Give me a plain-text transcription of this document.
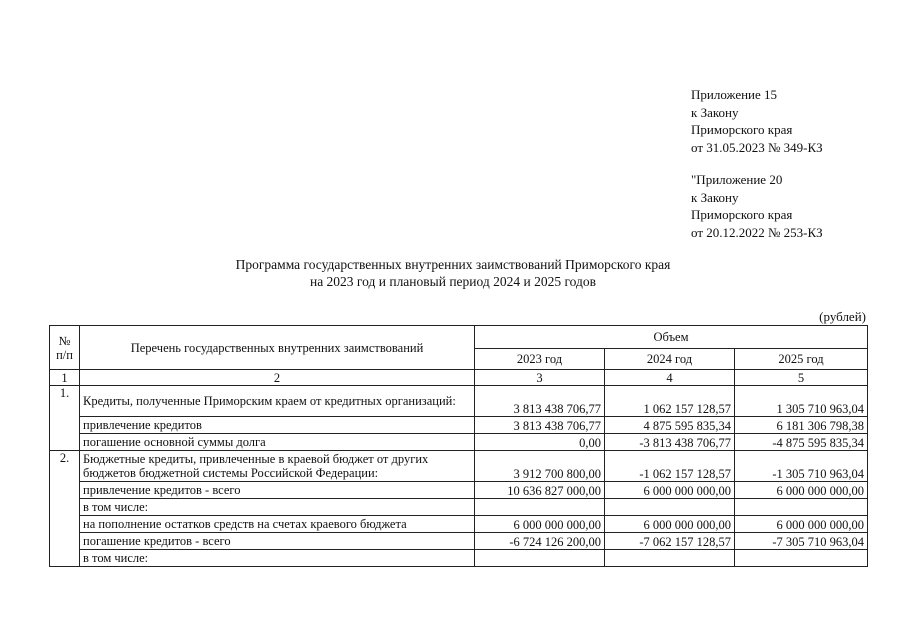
Приложение 15
к Закону
Приморского края
от 31.05.2023 № 349-КЗ
"Приложение 20
к Закону
Приморского края
от 20.12.2022 № 253-КЗ
Программа государственных внутренних заимствований Приморского края
на 2023 год и плановый период 2024 и 2025 годов
(рублей)
№ п/п	Перечень государственных внутренних заимствований	Объем		
		2023 год	2024 год	2025 год
1	2	3	4	5
1.	Кредиты, полученные Приморским краем от кредитных организаций:	3 813 438 706,77	1 062 157 128,57	1 305 710 963,04
	привлечение кредитов	3 813 438 706,77	4 875 595 835,34	6 181 306 798,38
	погашение основной суммы долга	0,00	-3 813 438 706,77	-4 875 595 835,34
2.	Бюджетные кредиты, привлеченные в краевой бюджет от других бюджетов бюджетной системы Российской Федерации:	3 912 700 800,00	-1 062 157 128,57	-1 305 710 963,04
	привлечение кредитов - всего	10 636 827 000,00	6 000 000 000,00	6 000 000 000,00
	в том числе:			
	на пополнение остатков средств на счетах краевого бюджета	6 000 000 000,00	6 000 000 000,00	6 000 000 000,00
	погашение кредитов - всего	-6 724 126 200,00	-7 062 157 128,57	-7 305 710 963,04
	в том числе:			
